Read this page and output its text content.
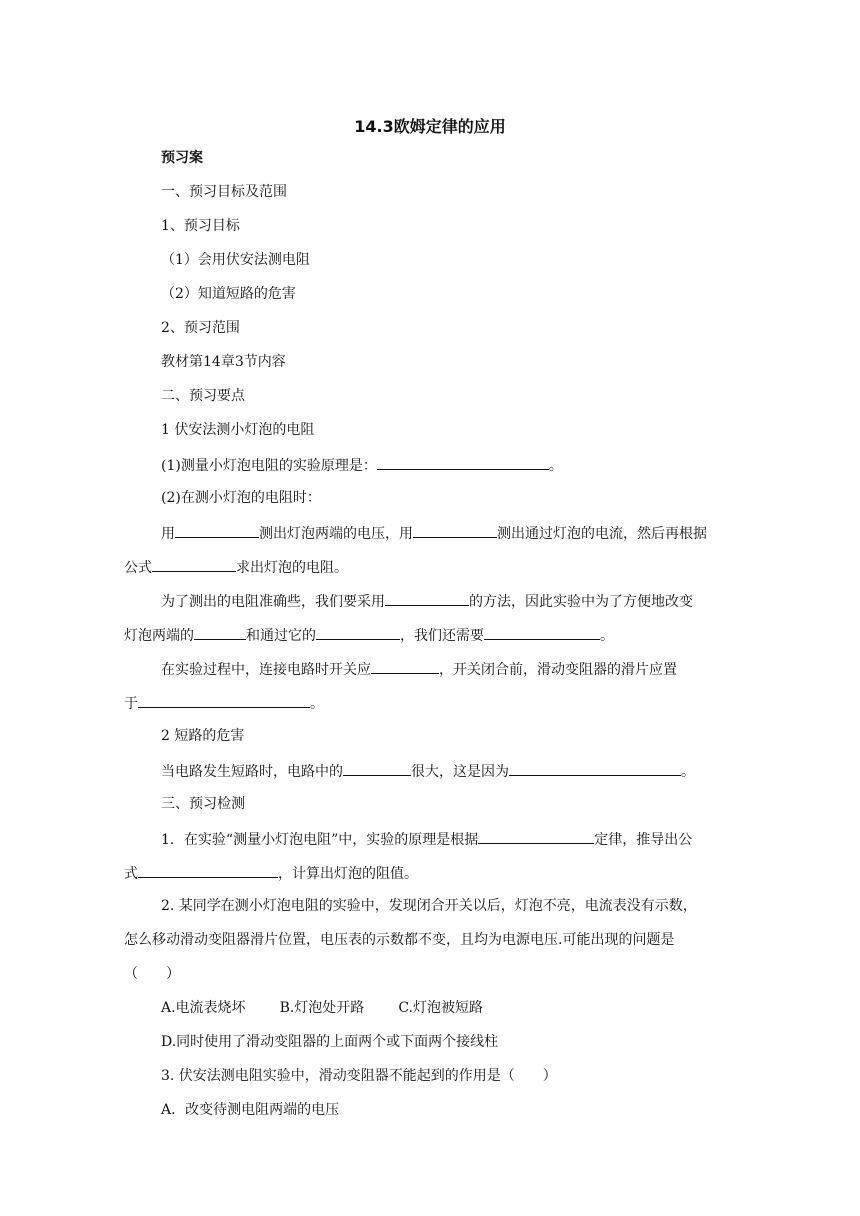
14.3欧姆定律的应用
预习案
一、预习目标及范围
1、预习目标
（1）会用伏安法测电阻
（2）知道短路的危害
2、预习范围
教材第14章3节内容
二、预习要点
1 伏安法测小灯泡的电阻
(1)测量小灯泡电阻的实验原理是：	。
(2)在测小灯泡的电阻时：
用	测出灯泡两端的电压，用	测出通过灯泡的电流，然后再根据
公式	求出灯泡的电阻。
为了测出的电阻准确些，我们要采用	的方法，因此实验中为了方便地改变
灯泡两端的	和通过它的	，我们还需要	。
在实验过程中，连接电路时开关应	，开关闭合前，滑动变阻器的滑片应置
于	。
2 短路的危害
当电路发生短路时，电路中的	很大，这是因为	。
三、预习检测
1．在实验“测量小灯泡电阻”中，实验的原理是根据	定律，推导出公
式	，计算出灯泡的阻值。
2. 某同学在测小灯泡电阻的实验中，发现闭合开关以后，灯泡不亮，电流表没有示数，
怎么移动滑动变阻器滑片位置，电压表的示数都不变，且均为电源电压.可能出现的问题是
（　　）
A.电流表烧坏 B.灯泡处开路 C.灯泡被短路
D.同时使用了滑动变阻器的上面两个或下面两个接线柱
3. 伏安法测电阻实验中，滑动变阻器不能起到的作用是（　　）
A．改变待测电阻两端的电压
